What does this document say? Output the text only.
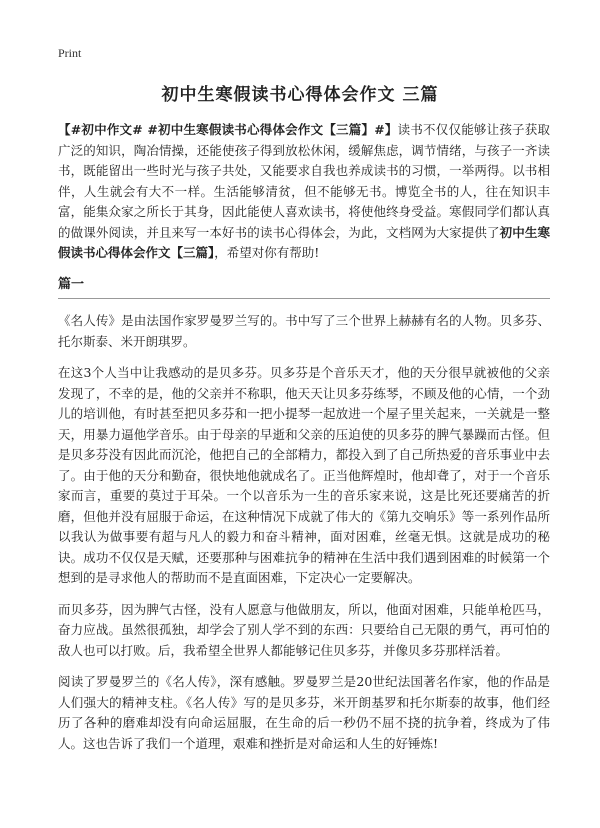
Print
初中生寒假读书心得体会作文 三篇

【#初中作文# #初中生寒假读书心得体会作文【三篇】#】读书不仅仅能够让孩子获取广泛的知识，陶冶情操，还能使孩子得到放松休闲，缓解焦虑，调节情绪，与孩子一齐读书，既能留出一些时光与孩子共处，又能要求自我也养成读书的习惯，一举两得。以书相伴，人生就会有大不一样。生活能够清贫，但不能够无书。博览全书的人，往在知识丰富，能集众家之所长于其身，因此能使人喜欢读书，将使他终身受益。寒假同学们都认真的做课外阅读，并且来写一本好书的读书心得体会，为此，文档网为大家提供了初中生寒假读书心得体会作文【三篇】，希望对你有帮助!

篇一

《名人传》是由法国作家罗曼罗兰写的。书中写了三个世界上赫赫有名的人物。贝多芬、托尔斯泰、米开朗琪罗。

在这3个人当中让我感动的是贝多芬。贝多芬是个音乐天才，他的天分很早就被他的父亲发现了，不幸的是，他的父亲并不称职，他天天让贝多芬练琴，不顾及他的心情，一个劲儿的培训他，有时甚至把贝多芬和一把小提琴一起放进一个屋子里关起来，一关就是一整天，用暴力逼他学音乐。由于母亲的早逝和父亲的压迫使的贝多芬的脾气暴躁而古怪。但是贝多芬没有因此而沉沦，他把自己的全部精力，都投入到了自己所热爱的音乐事业中去了。由于他的天分和勤奋，很快地他就成名了。正当他辉煌时，他却聋了，对于一个音乐家而言，重要的莫过于耳朵。一个以音乐为一生的音乐家来说，这是比死还要痛苦的折磨，但他并没有屈服于命运，在这种情况下成就了伟大的《第九交响乐》等一系列作品所以我认为做事要有超与凡人的毅力和奋斗精神，面对困难，丝毫无惧。这就是成功的秘诀。成功不仅仅是天赋，还要那种与困难抗争的精神在生活中我们遇到困难的时候第一个想到的是寻求他人的帮助而不是直面困难，下定决心一定要解决。

而贝多芬，因为脾气古怪，没有人愿意与他做朋友，所以，他面对困难，只能单枪匹马，奋力应战。虽然很孤独，却学会了别人学不到的东西：只要给自己无限的勇气，再可怕的敌人也可以打败。后，我希望全世界人都能够记住贝多芬，并像贝多芬那样活着。

阅读了罗曼罗兰的《名人传》，深有感触。罗曼罗兰是20世纪法国著名作家，他的作品是人们强大的精神支柱。《名人传》写的是贝多芬，米开朗基罗和托尔斯泰的故事，他们经历了各种的磨难却没有向命运屈服，在生命的后一秒仍不屈不挠的抗争着，终成为了伟人。这也告诉了我们一个道理，艰难和挫折是对命运和人生的好锤炼!
